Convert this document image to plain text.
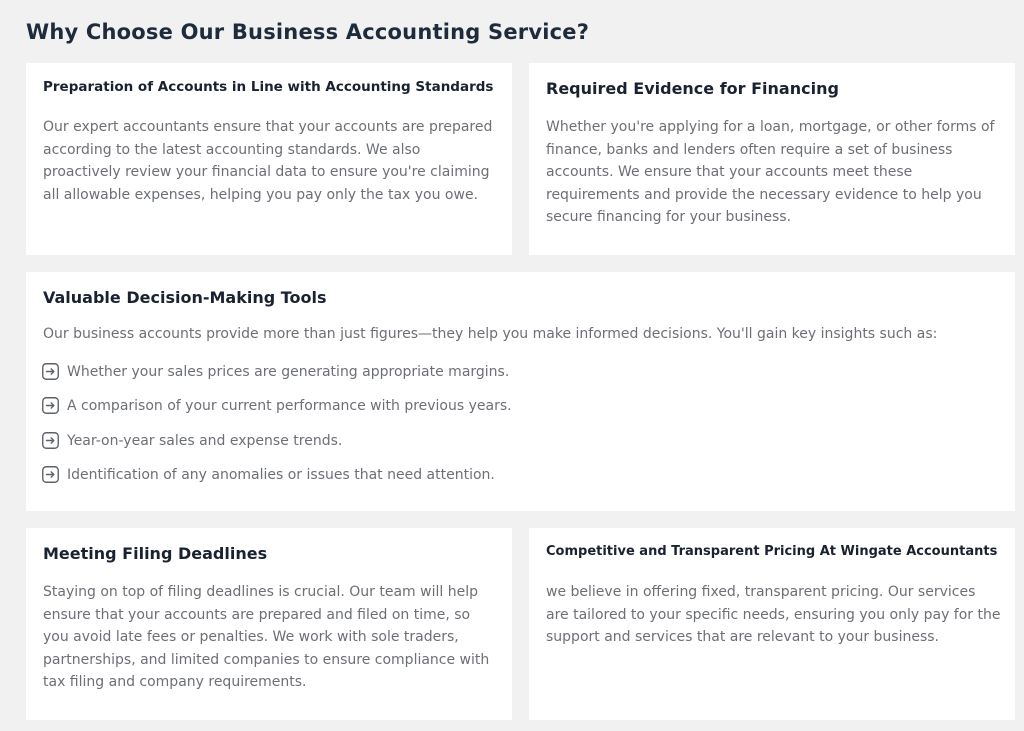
Why Choose Our Business Accounting Service?
Preparation of Accounts in Line with Accounting Standards

Our expert accountants ensure that your accounts are prepared according to the latest accounting standards. We also proactively review your financial data to ensure you're claiming all allowable expenses, helping you pay only the tax you owe.

Required Evidence for Financing

Whether you're applying for a loan, mortgage, or other forms of finance, banks and lenders often require a set of business accounts. We ensure that your accounts meet these requirements and provide the necessary evidence to help you secure financing for your business.

Valuable Decision-Making Tools

Our business accounts provide more than just figures—they help you make informed decisions. You'll gain key insights such as:

Whether your sales prices are generating appropriate margins.
A comparison of your current performance with previous years.
Year-on-year sales and expense trends.
Identification of any anomalies or issues that need attention.
Meeting Filing Deadlines

Staying on top of filing deadlines is crucial. Our team will help ensure that your accounts are prepared and filed on time, so you avoid late fees or penalties. We work with sole traders, partnerships, and limited companies to ensure compliance with tax filing and company requirements.

Competitive and Transparent Pricing At Wingate Accountants

we believe in offering fixed, transparent pricing. Our services are tailored to your specific needs, ensuring you only pay for the support and services that are relevant to your business.
